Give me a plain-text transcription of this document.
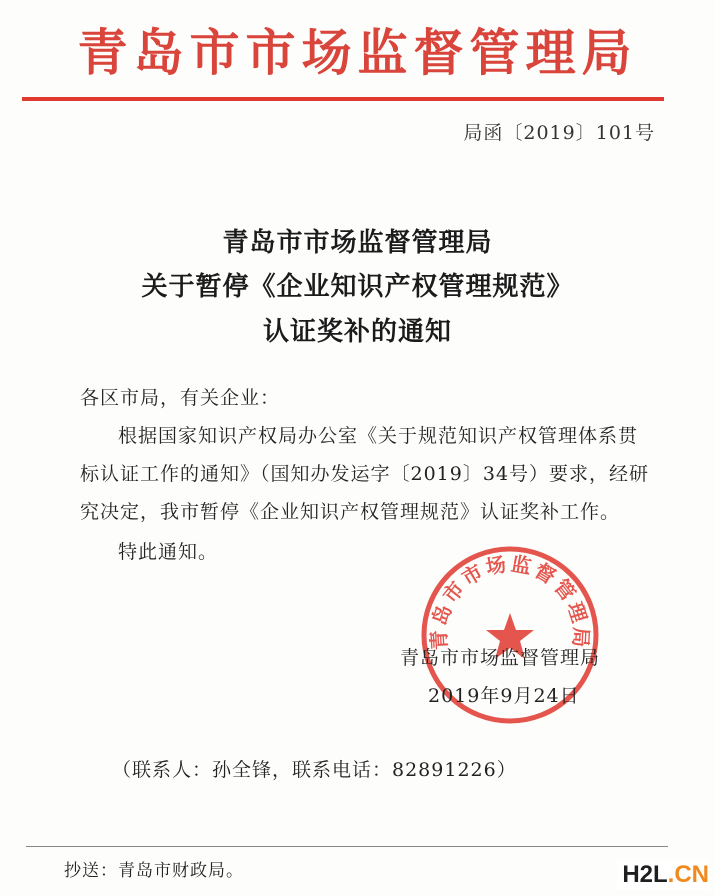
青岛市市场监督管理局
局函〔2019〕101号
青岛市市场监督管理局
关于暂停《企业知识产权管理规范》
认证奖补的通知
各区市局，有关企业：
根据国家知识产权局办公室《关于规范知识产权管理体系贯
标认证工作的通知》（国知办发运字〔2019〕34号）要求，经研
究决定，我市暂停《企业知识产权管理规范》认证奖补工作。
特此通知。
青岛市市场监督管理局
青岛市市场监督管理局
2019年9月24日
（联系人：孙全锋，联系电话：82891226）
抄送：青岛市财政局。	H2L.CN
